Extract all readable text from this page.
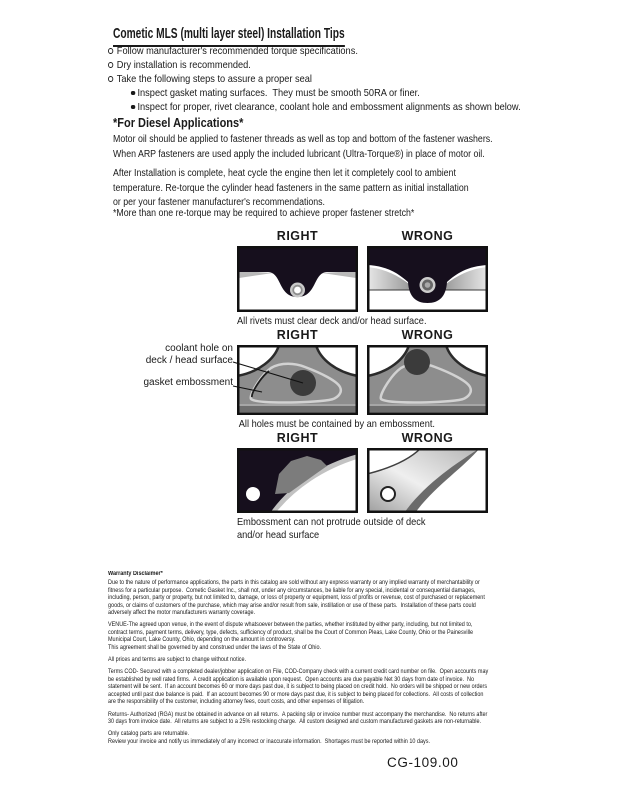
Cometic MLS (multi layer steel) Installation Tips
Follow manufacturer's recommended torque specifications.
Dry installation is recommended.
Take the following steps to assure a proper seal
Inspect gasket mating surfaces.  They must be smooth 50RA or finer.
Inspect for proper, rivet clearance, coolant hole and embossment alignments as shown below.
*For Diesel Applications*
Motor oil should be applied to fastener threads as well as top and bottom of the fastener washers.
When ARP fasteners are used apply the included lubricant (Ultra-Torque®) in place of motor oil.
After Installation is complete, heat cycle the engine then let it completely cool to ambient
temperature. Re-torque the cylinder head fasteners in the same pattern as initial installation
or per your fastener manufacturer's recommendations.
*More than one re-torque may be required to achieve proper fastener stretch*
RIGHT	WRONG
All rivets must clear deck and/or head surface.
RIGHT	WRONG
All holes must be contained by an embossment.
coolant hole on
deck / head surface
gasket embossment
RIGHT	WRONG
Embossment can not protrude outside of deck
and/or head surface
Warranty Disclaimer*
Due to the nature of performance applications, the parts in this catalog are sold without any express warranty or any implied warranty of merchantability or
fitness for a particular purpose.  Cometic Gasket Inc., shall not, under any circumstances, be liable for any special, incidental or consequential damages,
including, person, party or property, but not limited to, damage, or loss of property or equipment, loss of profits or revenue, cost of purchased or replacement
goods, or claims of customers of the purchase, which may arise and/or result from sale, instillation or use of these parts.  Installation of these parts could
adversely affect the motor manufacturers warranty coverage.
VENUE-The agreed upon venue, in the event of dispute whatsoever between the parties, whether instituted by either party, including, but not limited to,
contract terms, payment terms, delivery, type, defects, sufficiency of product, shall be the Court of Common Pleas, Lake County, Ohio or the Painesville
Municipal Court, Lake County, Ohio, depending on the amount in controversy.
This agreement shall be governed by and construed under the laws of the State of Ohio.
All prices and terms are subject to change without notice.
Terms COD- Secured with a completed dealer/jobber application on File, COD-Company check with a current credit card number on file.  Open accounts may
be established by well rated firms.  A credit application is available upon request.  Open accounts are due payable Net 30 days from date of invoice.  No
statement will be sent.  If an account becomes 60 or more days past due, it is subject to being placed on credit hold.  No orders will be shipped or new orders
accepted until past due balance is paid.  If an account becomes 90 or more days past due, it is subject to being placed for collections.  All costs of collection
are the responsibility of the customer, including attorney fees, court costs, and other expenses of litigation.
Returns- Authorized (RGA) must be obtained in advance on all returns.  A packing slip or invoice number must accompany the merchandise.  No returns after
30 days from invoice date.  All returns are subject to a 25% restocking charge.  All custom designed and custom manufactured gaskets are non-returnable.
Only catalog parts are returnable.
Review your invoice and notify us immediately of any incorrect or inaccurate information.  Shortages must be reported within 10 days.
CG-109.00
